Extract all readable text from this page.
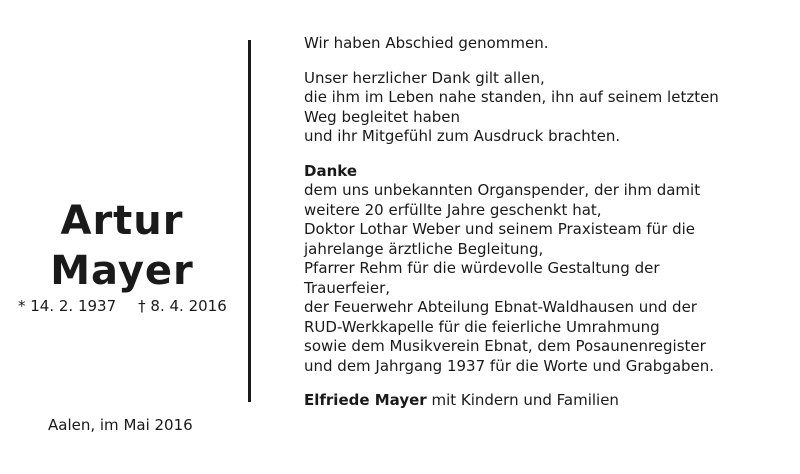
Artur
Mayer
* 14. 2. 1937 † 8. 4. 2016
Aalen, im Mai 2016

Wir haben Abschied genommen.

Unser herzlicher Dank gilt allen,

die ihm im Leben nahe standen, ihn auf seinem letzten

Weg begleitet haben

und ihr Mitgefühl zum Ausdruck brachten.

Danke

dem uns unbekannten Organspender, der ihm damit

weitere 20 erfüllte Jahre geschenkt hat,

Doktor Lothar Weber und seinem Praxisteam für die

jahrelange ärztliche Begleitung,

Pfarrer Rehm für die würdevolle Gestaltung der

Trauerfeier,

der Feuerwehr Abteilung Ebnat-Waldhausen und der

RUD-Werkkapelle für die feierliche Umrahmung

sowie dem Musikverein Ebnat, dem Posaunenregister

und dem Jahrgang 1937 für die Worte und Grabgaben.

Elfriede Mayer mit Kindern und Familien
